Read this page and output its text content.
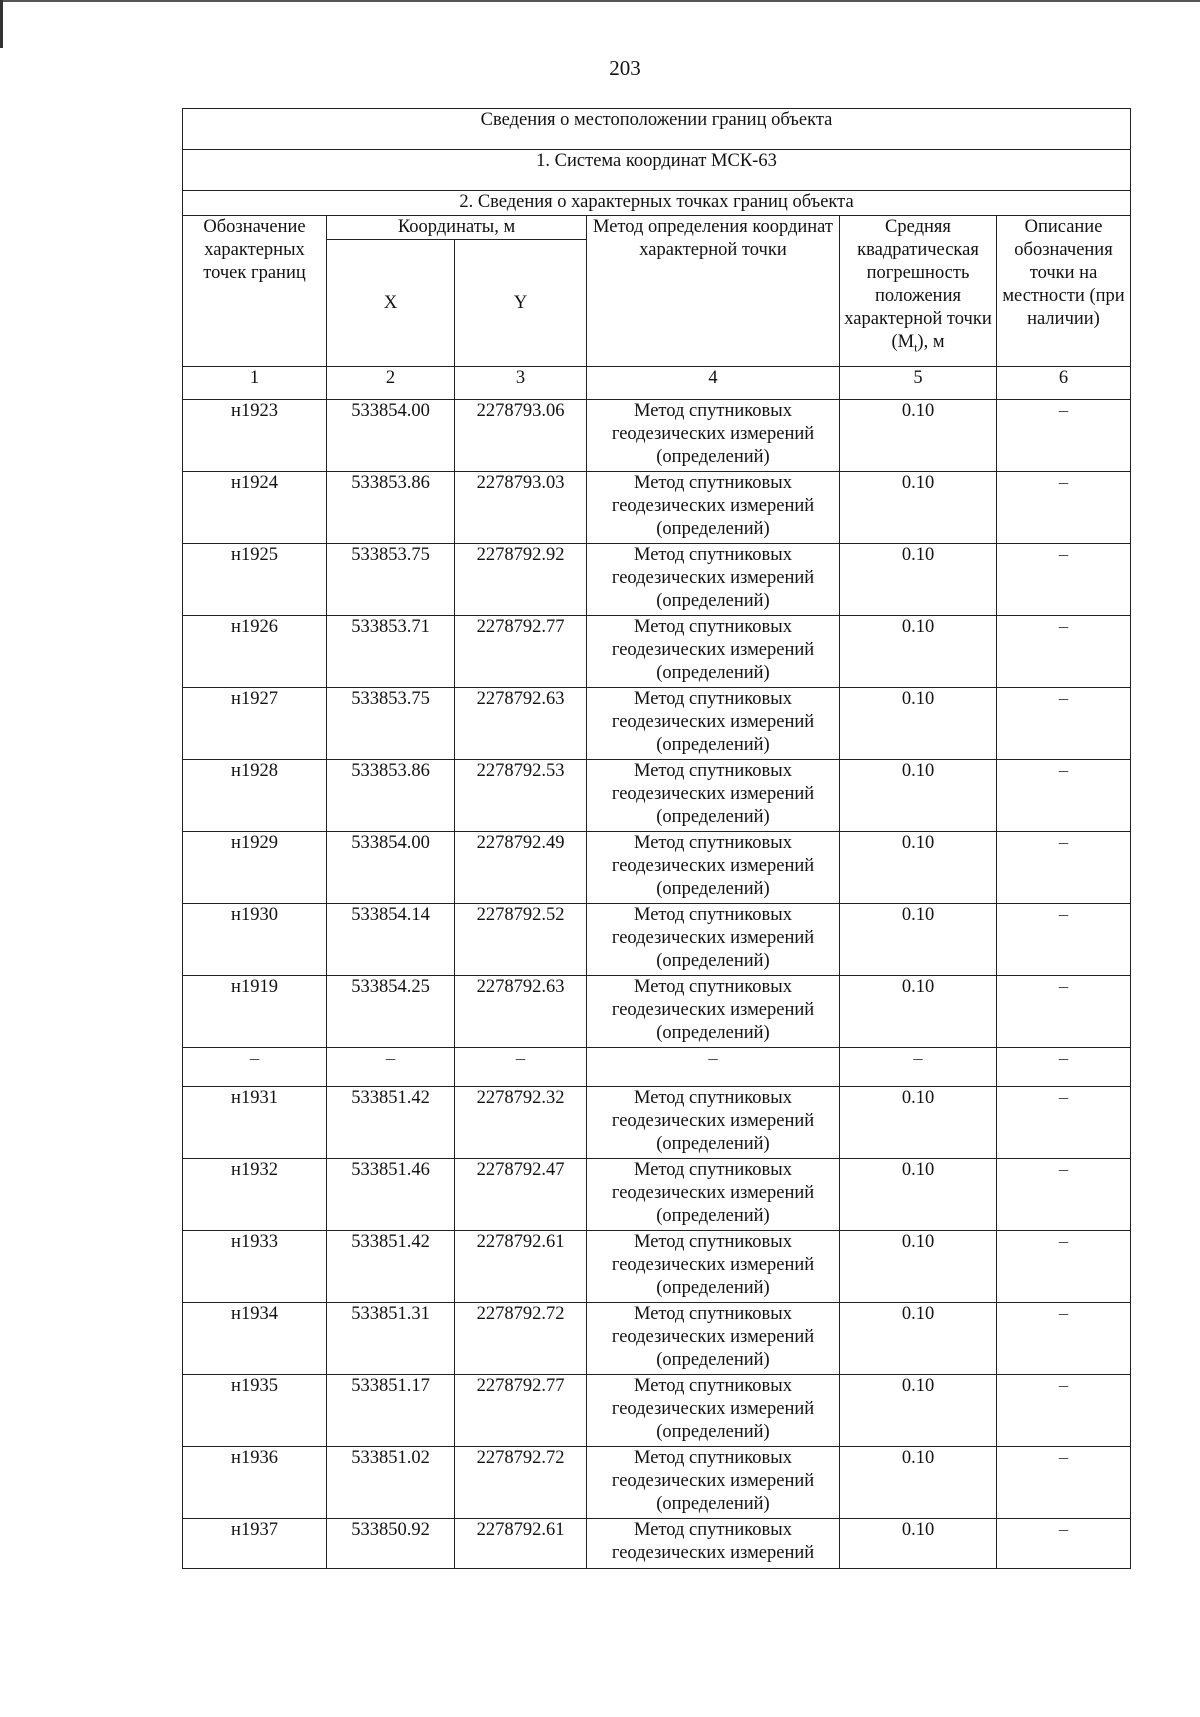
203
Сведения о местоположении границ объекта					
1. Система координат МСК-63					
2. Сведения о характерных точках границ объекта					
Обозначение характерных точек границ	Координаты, м		Метод определения координат характерной точки	Средняя квадратическая погрешность положения характерной точки $(M_t)$, м	Описание обозначения точки на местности (при наличии)
	X	Y			
1	2	3	4	5	6
н1923	533854.00	2278793.06	Метод спутниковых геодезических измерений (определений)	0.10	–
н1924	533853.86	2278793.03	Метод спутниковых геодезических измерений (определений)	0.10	–
н1925	533853.75	2278792.92	Метод спутниковых геодезических измерений (определений)	0.10	–
н1926	533853.71	2278792.77	Метод спутниковых геодезических измерений (определений)	0.10	–
н1927	533853.75	2278792.63	Метод спутниковых геодезических измерений (определений)	0.10	–
н1928	533853.86	2278792.53	Метод спутниковых геодезических измерений (определений)	0.10	–
н1929	533854.00	2278792.49	Метод спутниковых геодезических измерений (определений)	0.10	–
н1930	533854.14	2278792.52	Метод спутниковых геодезических измерений (определений)	0.10	–
н1919	533854.25	2278792.63	Метод спутниковых геодезических измерений (определений)	0.10	–
–	–	–	–	–	–
н1931	533851.42	2278792.32	Метод спутниковых геодезических измерений (определений)	0.10	–
н1932	533851.46	2278792.47	Метод спутниковых геодезических измерений (определений)	0.10	–
н1933	533851.42	2278792.61	Метод спутниковых геодезических измерений (определений)	0.10	–
н1934	533851.31	2278792.72	Метод спутниковых геодезических измерений (определений)	0.10	–
н1935	533851.17	2278792.77	Метод спутниковых геодезических измерений (определений)	0.10	–
н1936	533851.02	2278792.72	Метод спутниковых геодезических измерений (определений)	0.10	–
н1937	533850.92	2278792.61	Метод спутниковых геодезических измерений	0.10	–
